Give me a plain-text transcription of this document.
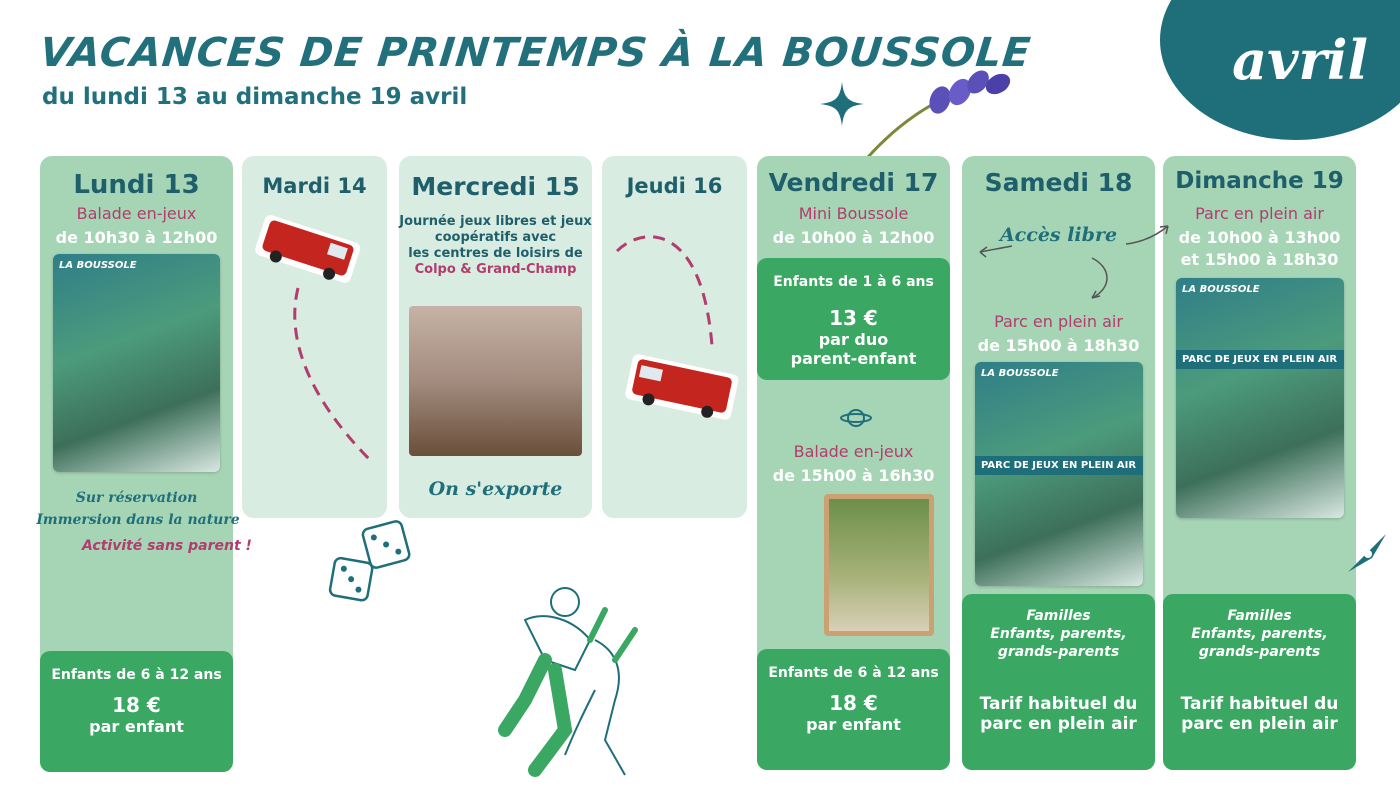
VACANCES DE PRINTEMPS À LA BOUSSOLE
du lundi 13 au dimanche 19 avril
avril
Lundi 13
Balade en-jeux
de 10h30 à 12h00
LA BOUSSOLE
Sur réservation
Immersion dans la nature
Activité sans parent !
Enfants de 6 à 12 ans
18 €
par enfant
Mardi 14	Mercredi 15
Journée jeux libres et jeux
coopératifs avec
les centres de loisirs de
Colpo & Grand-Champ
On s'exporte
Jeudi 16	Vendredi 17
Mini Boussole
de 10h00 à 12h00
Enfants de 1 à 6 ans
13 €
par duo
parent-enfant
Balade en-jeux
de 15h00 à 16h30
Enfants de 6 à 12 ans
18 €
par enfant
Samedi 18
Accès libre
Parc en plein air
de 15h00 à 18h30
LA BOUSSOLE
PARC DE JEUX EN PLEIN AIR
Familles
Enfants, parents,
grands-parents
Tarif habituel du
parc en plein air
Dimanche 19
Parc en plein air
de 10h00 à 13h00
et 15h00 à 18h30
LA BOUSSOLE
PARC DE JEUX EN PLEIN AIR
Familles
Enfants, parents,
grands-parents
Tarif habituel du
parc en plein air
